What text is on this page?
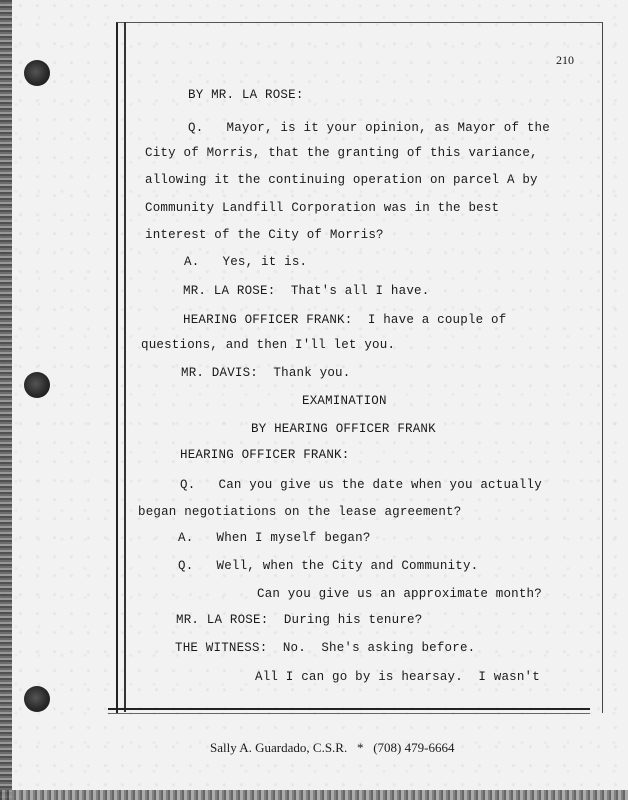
210
BY MR. LA ROSE:
Q.   Mayor, is it your opinion, as Mayor of the
City of Morris, that the granting of this variance,
allowing it the continuing operation on parcel A by
Community Landfill Corporation was in the best
interest of the City of Morris?
A.   Yes, it is.
MR. LA ROSE:  That's all I have.
HEARING OFFICER FRANK:  I have a couple of
questions, and then I'll let you.
MR. DAVIS:  Thank you.
EXAMINATION
BY HEARING OFFICER FRANK
HEARING OFFICER FRANK:
Q.   Can you give us the date when you actually
began negotiations on the lease agreement?
A.   When I myself began?
Q.   Well, when the City and Community.
Can you give us an approximate month?
MR. LA ROSE:  During his tenure?
THE WITNESS:  No.  She's asking before.
All I can go by is hearsay.  I wasn't
Sally A. Guardado, C.S.R.   *   (708) 479-6664
